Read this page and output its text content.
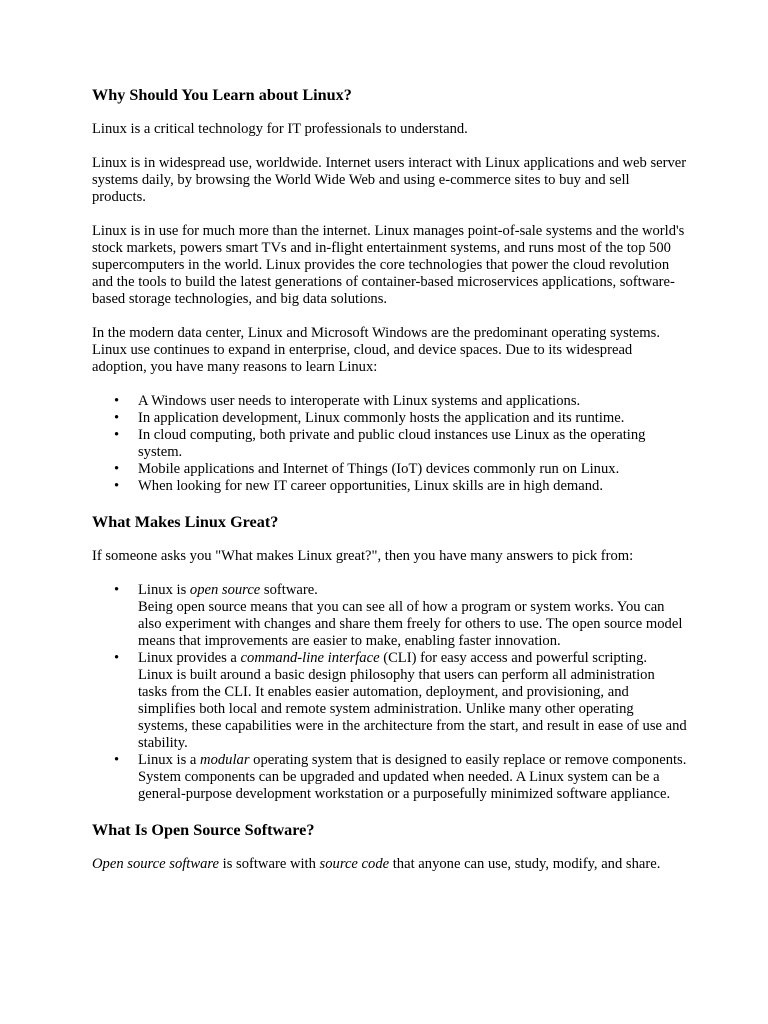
Why Should You Learn about Linux?

Linux is a critical technology for IT professionals to understand.

Linux is in widespread use, worldwide. Internet users interact with Linux applications and web server systems daily, by browsing the World Wide Web and using e-commerce sites to buy and sell products.

Linux is in use for much more than the internet. Linux manages point-of-sale systems and the world's stock markets, powers smart TVs and in-flight entertainment systems, and runs most of the top 500 supercomputers in the world. Linux provides the core technologies that power the cloud revolution and the tools to build the latest generations of container-based microservices applications, software-based storage technologies, and big data solutions.

In the modern data center, Linux and Microsoft Windows are the predominant operating systems. Linux use continues to expand in enterprise, cloud, and device spaces. Due to its widespread adoption, you have many reasons to learn Linux:

• A Windows user needs to interoperate with Linux systems and applications.
• In application development, Linux commonly hosts the application and its runtime.
• In cloud computing, both private and public cloud instances use Linux as the operating system.
• Mobile applications and Internet of Things (IoT) devices commonly run on Linux.
• When looking for new IT career opportunities, Linux skills are in high demand.
What Makes Linux Great?

If someone asks you "What makes Linux great?", then you have many answers to pick from:

• Linux is open source software.
Being open source means that you can see all of how a program or system works. You can also experiment with changes and share them freely for others to use. The open source model means that improvements are easier to make, enabling faster innovation.
• Linux provides a command-line interface (CLI) for easy access and powerful scripting.
Linux is built around a basic design philosophy that users can perform all administration tasks from the CLI. It enables easier automation, deployment, and provisioning, and simplifies both local and remote system administration. Unlike many other operating systems, these capabilities were in the architecture from the start, and result in ease of use and stability.
• Linux is a modular operating system that is designed to easily replace or remove components.
System components can be upgraded and updated when needed. A Linux system can be a general-purpose development workstation or a purposefully minimized software appliance.
What Is Open Source Software?

Open source software is software with source code that anyone can use, study, modify, and share.
